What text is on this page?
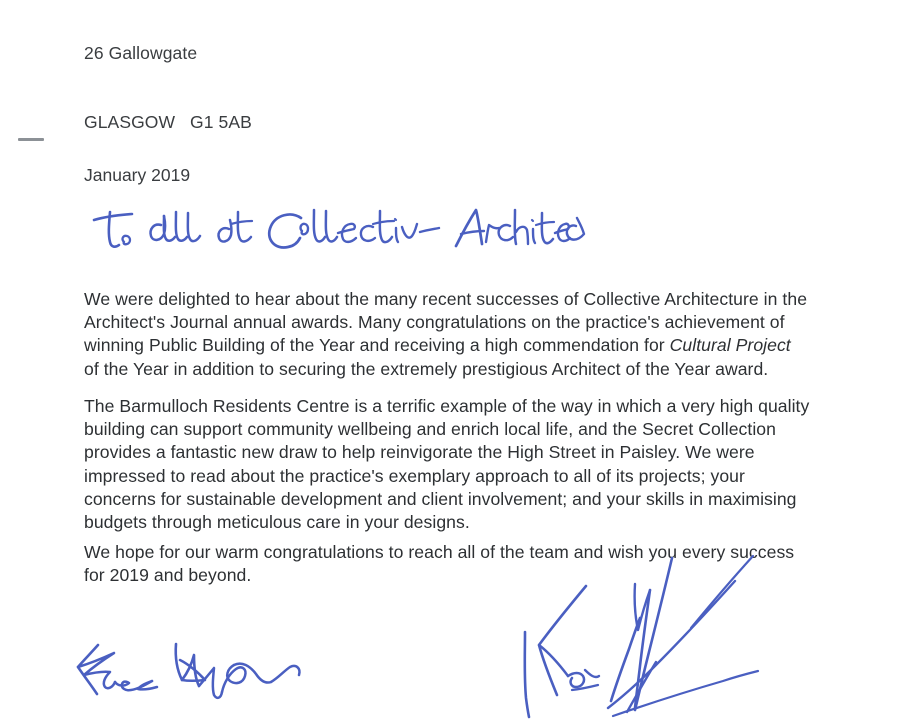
26 Gallowgate

GLASGOW   G1 5AB

January 2019

We were delighted to hear about the many recent successes of Collective Architecture in the

Architect's Journal annual awards. Many congratulations on the practice's achievement of

winning Public Building of the Year and receiving a high commendation for Cultural Project

of the Year in addition to securing the extremely prestigious Architect of the Year award.

The Barmulloch Residents Centre is a terrific example of the way in which a very high quality

building can support community wellbeing and enrich local life, and the Secret Collection

provides a fantastic new draw to help reinvigorate the High Street in Paisley. We were

impressed to read about the practice's exemplary approach to all of its projects; your

concerns for sustainable development and client involvement; and your skills in maximising

budgets through meticulous care in your designs.

We hope for our warm congratulations to reach all of the team and wish you every success

for 2019 and beyond.
